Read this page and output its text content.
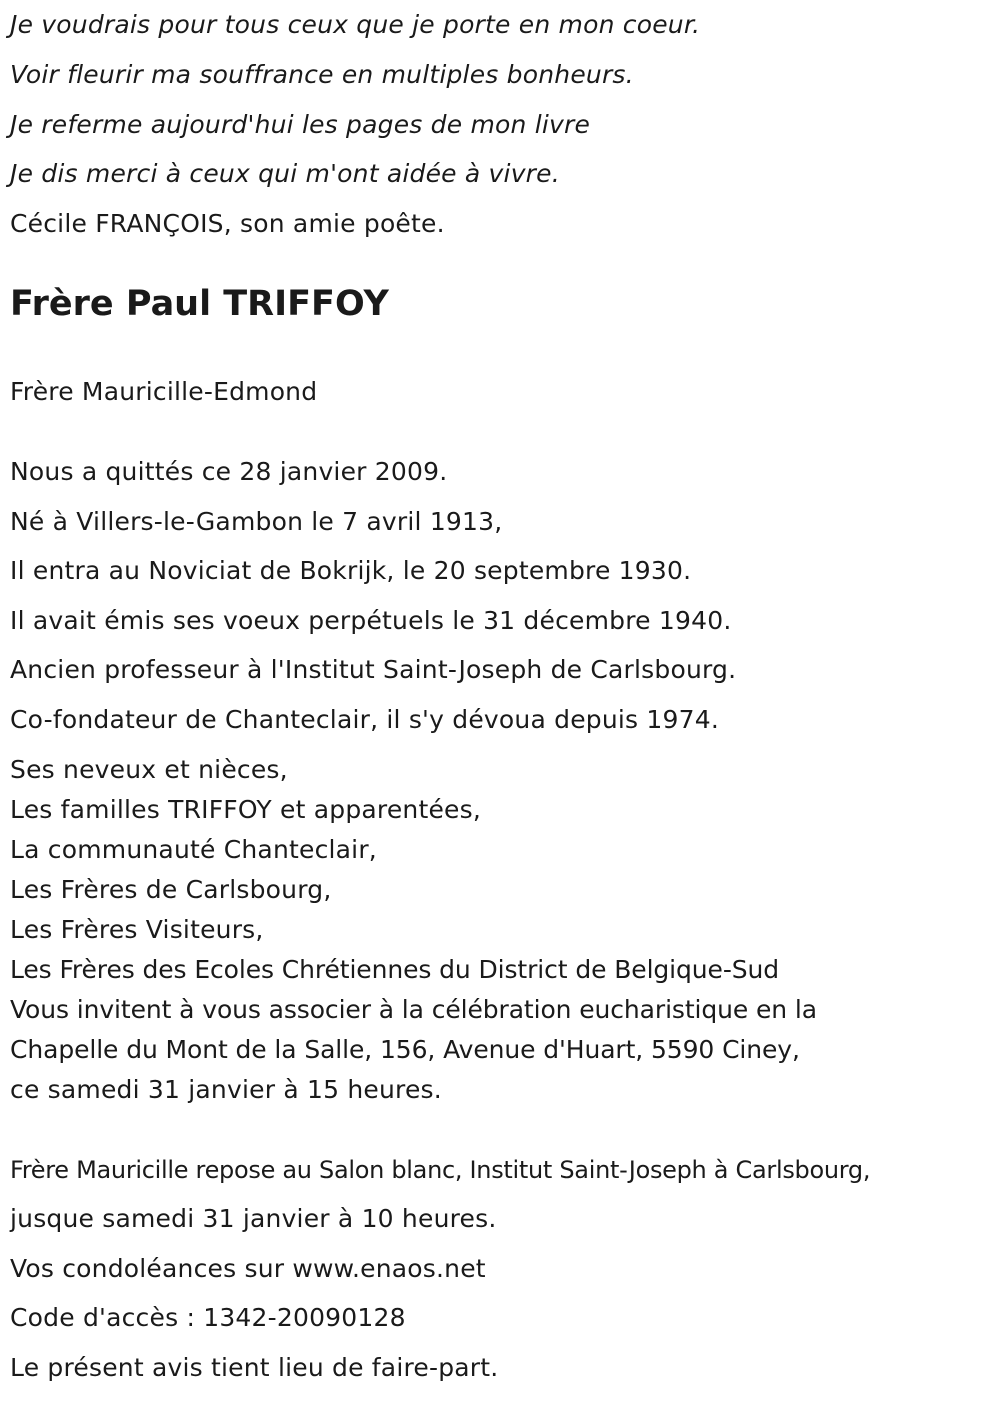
Je voudrais pour tous ceux que je porte en mon coeur.
Voir fleurir ma souffrance en multiples bonheurs.
Je referme aujourd'hui les pages de mon livre
Je dis merci à ceux qui m'ont aidée à vivre.
Cécile FRANÇOIS, son amie poête.
Frère Paul TRIFFOY
Frère Mauricille-Edmond
Nous a quittés ce 28 janvier 2009.
Né à Villers-le-Gambon le 7 avril 1913,
Il entra au Noviciat de Bokrijk, le 20 septembre 1930.
Il avait émis ses voeux perpétuels le 31 décembre 1940.
Ancien professeur à l'Institut Saint-Joseph de Carlsbourg.
Co-fondateur de Chanteclair, il s'y dévoua depuis 1974.
Ses neveux et nièces,
Les familles TRIFFOY et apparentées,
La communauté Chanteclair,
Les Frères de Carlsbourg,
Les Frères Visiteurs,
Les Frères des Ecoles Chrétiennes du District de Belgique-Sud
Vous invitent à vous associer à la célébration eucharistique en la
Chapelle du Mont de la Salle, 156, Avenue d'Huart, 5590 Ciney,
ce samedi 31 janvier à 15 heures.
Frère Mauricille repose au Salon blanc, Institut Saint-Joseph à Carlsbourg,
jusque samedi 31 janvier à 10 heures.
Vos condoléances sur www.enaos.net
Code d'accès : 1342-20090128
Le présent avis tient lieu de faire-part.
